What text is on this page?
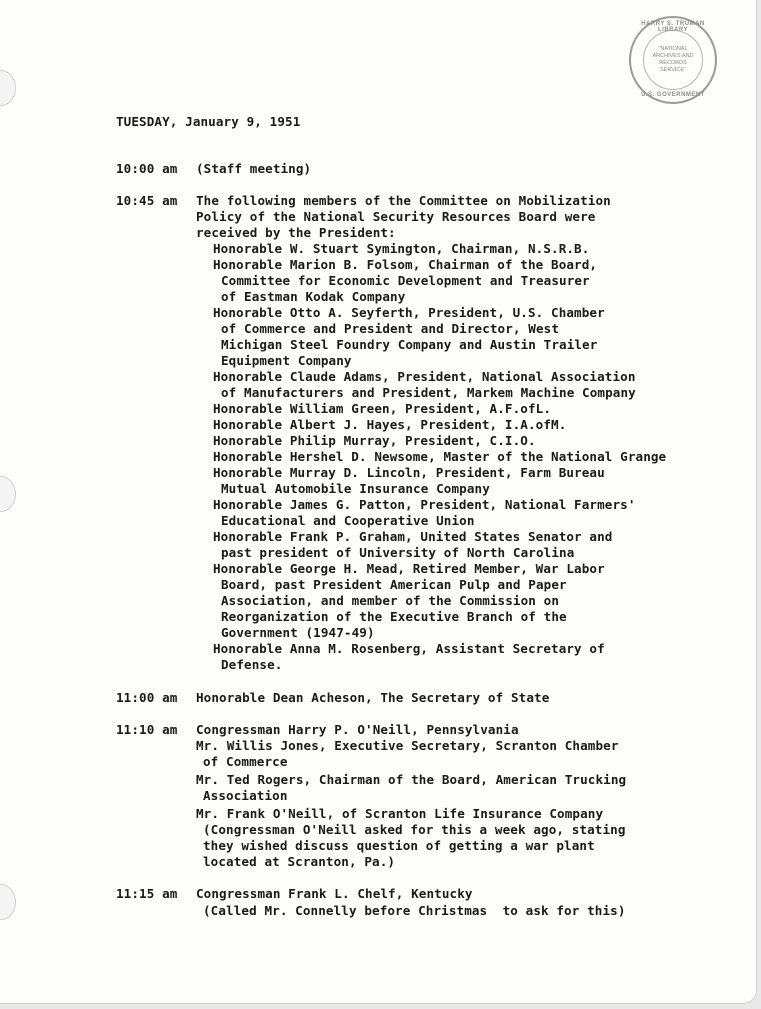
HARRY S. TRUMAN LIBRARY
"NATIONAL
ARCHIVES AND
RECORDS
SERVICE"
U.S. GOVERNMENT
TUESDAY, January 9, 1951
10:00 am (Staff meeting)
10:45 am The following members of the Committee on Mobilization
Policy of the National Security Resources Board were
received by the President:
Honorable W. Stuart Symington, Chairman, N.S.R.B.
Honorable Marion B. Folsom, Chairman of the Board,
Committee for Economic Development and Treasurer
of Eastman Kodak Company
Honorable Otto A. Seyferth, President, U.S. Chamber
of Commerce and President and Director, West
Michigan Steel Foundry Company and Austin Trailer
Equipment Company
Honorable Claude Adams, President, National Association
of Manufacturers and President, Markem Machine Company
Honorable William Green, President, A.F.ofL.
Honorable Albert J. Hayes, President, I.A.ofM.
Honorable Philip Murray, President, C.I.O.
Honorable Hershel D. Newsome, Master of the National Grange
Honorable Murray D. Lincoln, President, Farm Bureau
Mutual Automobile Insurance Company
Honorable James G. Patton, President, National Farmers'
Educational and Cooperative Union
Honorable Frank P. Graham, United States Senator and
past president of University of North Carolina
Honorable George H. Mead, Retired Member, War Labor
Board, past President American Pulp and Paper
Association, and member of the Commission on
Reorganization of the Executive Branch of the
Government (1947-49)
Honorable Anna M. Rosenberg, Assistant Secretary of
Defense.
11:00 am Honorable Dean Acheson, The Secretary of State
11:10 am Congressman Harry P. O'Neill, Pennsylvania
Mr. Willis Jones, Executive Secretary, Scranton Chamber
of Commerce
Mr. Ted Rogers, Chairman of the Board, American Trucking
Association
Mr. Frank O'Neill, of Scranton Life Insurance Company
(Congressman O'Neill asked for this a week ago, stating
they wished discuss question of getting a war plant
located at Scranton, Pa.)
11:15 am Congressman Frank L. Chelf, Kentucky
(Called Mr. Connelly before Christmas  to ask for this)
